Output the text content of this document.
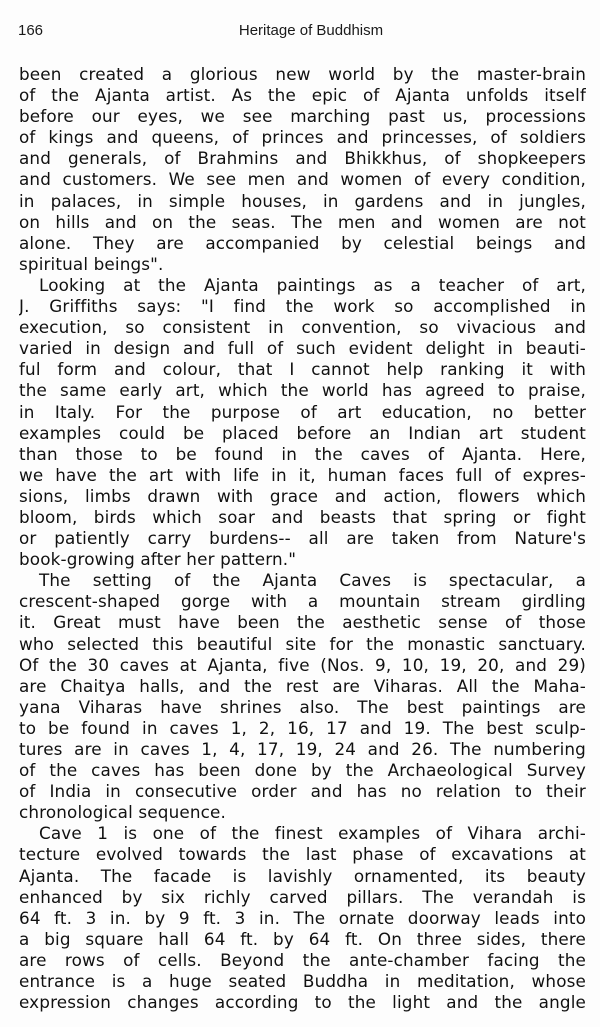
166	Heritage of Buddhism
been created a glorious new world by the master-brain
of the Ajanta artist. As the epic of Ajanta unfolds itself
before our eyes, we see marching past us, processions
of kings and queens, of princes and princesses, of soldiers
and generals, of Brahmins and Bhikkhus, of shopkeepers
and customers. We see men and women of every condition,
in palaces, in simple houses, in gardens and in jungles,
on hills and on the seas. The men and women are not
alone. They are accompanied by celestial beings and
spiritual beings".
Looking at the Ajanta paintings as a teacher of art,
J. Griffiths says: "I find the work so accomplished in
execution, so consistent in convention, so vivacious and
varied in design and full of such evident delight in beauti-
ful form and colour, that I cannot help ranking it with
the same early art, which the world has agreed to praise,
in Italy. For the purpose of art education, no better
examples could be placed before an Indian art student
than those to be found in the caves of Ajanta. Here,
we have the art with life in it, human faces full of expres-
sions, limbs drawn with grace and action, flowers which
bloom, birds which soar and beasts that spring or fight
or patiently carry burdens-- all are taken from Nature's
book-growing after her pattern."
The setting of the Ajanta Caves is spectacular, a
crescent-shaped gorge with a mountain stream girdling
it. Great must have been the aesthetic sense of those
who selected this beautiful site for the monastic sanctuary.
Of the 30 caves at Ajanta, five (Nos. 9, 10, 19, 20, and 29)
are Chaitya halls, and the rest are Viharas. All the Maha-
yana Viharas have shrines also. The best paintings are
to be found in caves 1, 2, 16, 17 and 19. The best sculp-
tures are in caves 1, 4, 17, 19, 24 and 26. The numbering
of the caves has been done by the Archaeological Survey
of India in consecutive order and has no relation to their
chronological sequence.
Cave 1 is one of the finest examples of Vihara archi-
tecture evolved towards the last phase of excavations at
Ajanta. The facade is lavishly ornamented, its beauty
enhanced by six richly carved pillars. The verandah is
64 ft. 3 in. by 9 ft. 3 in. The ornate doorway leads into
a big square hall 64 ft. by 64 ft. On three sides, there
are rows of cells. Beyond the ante-chamber facing the
entrance is a huge seated Buddha in meditation, whose
expression changes according to the light and the angle
